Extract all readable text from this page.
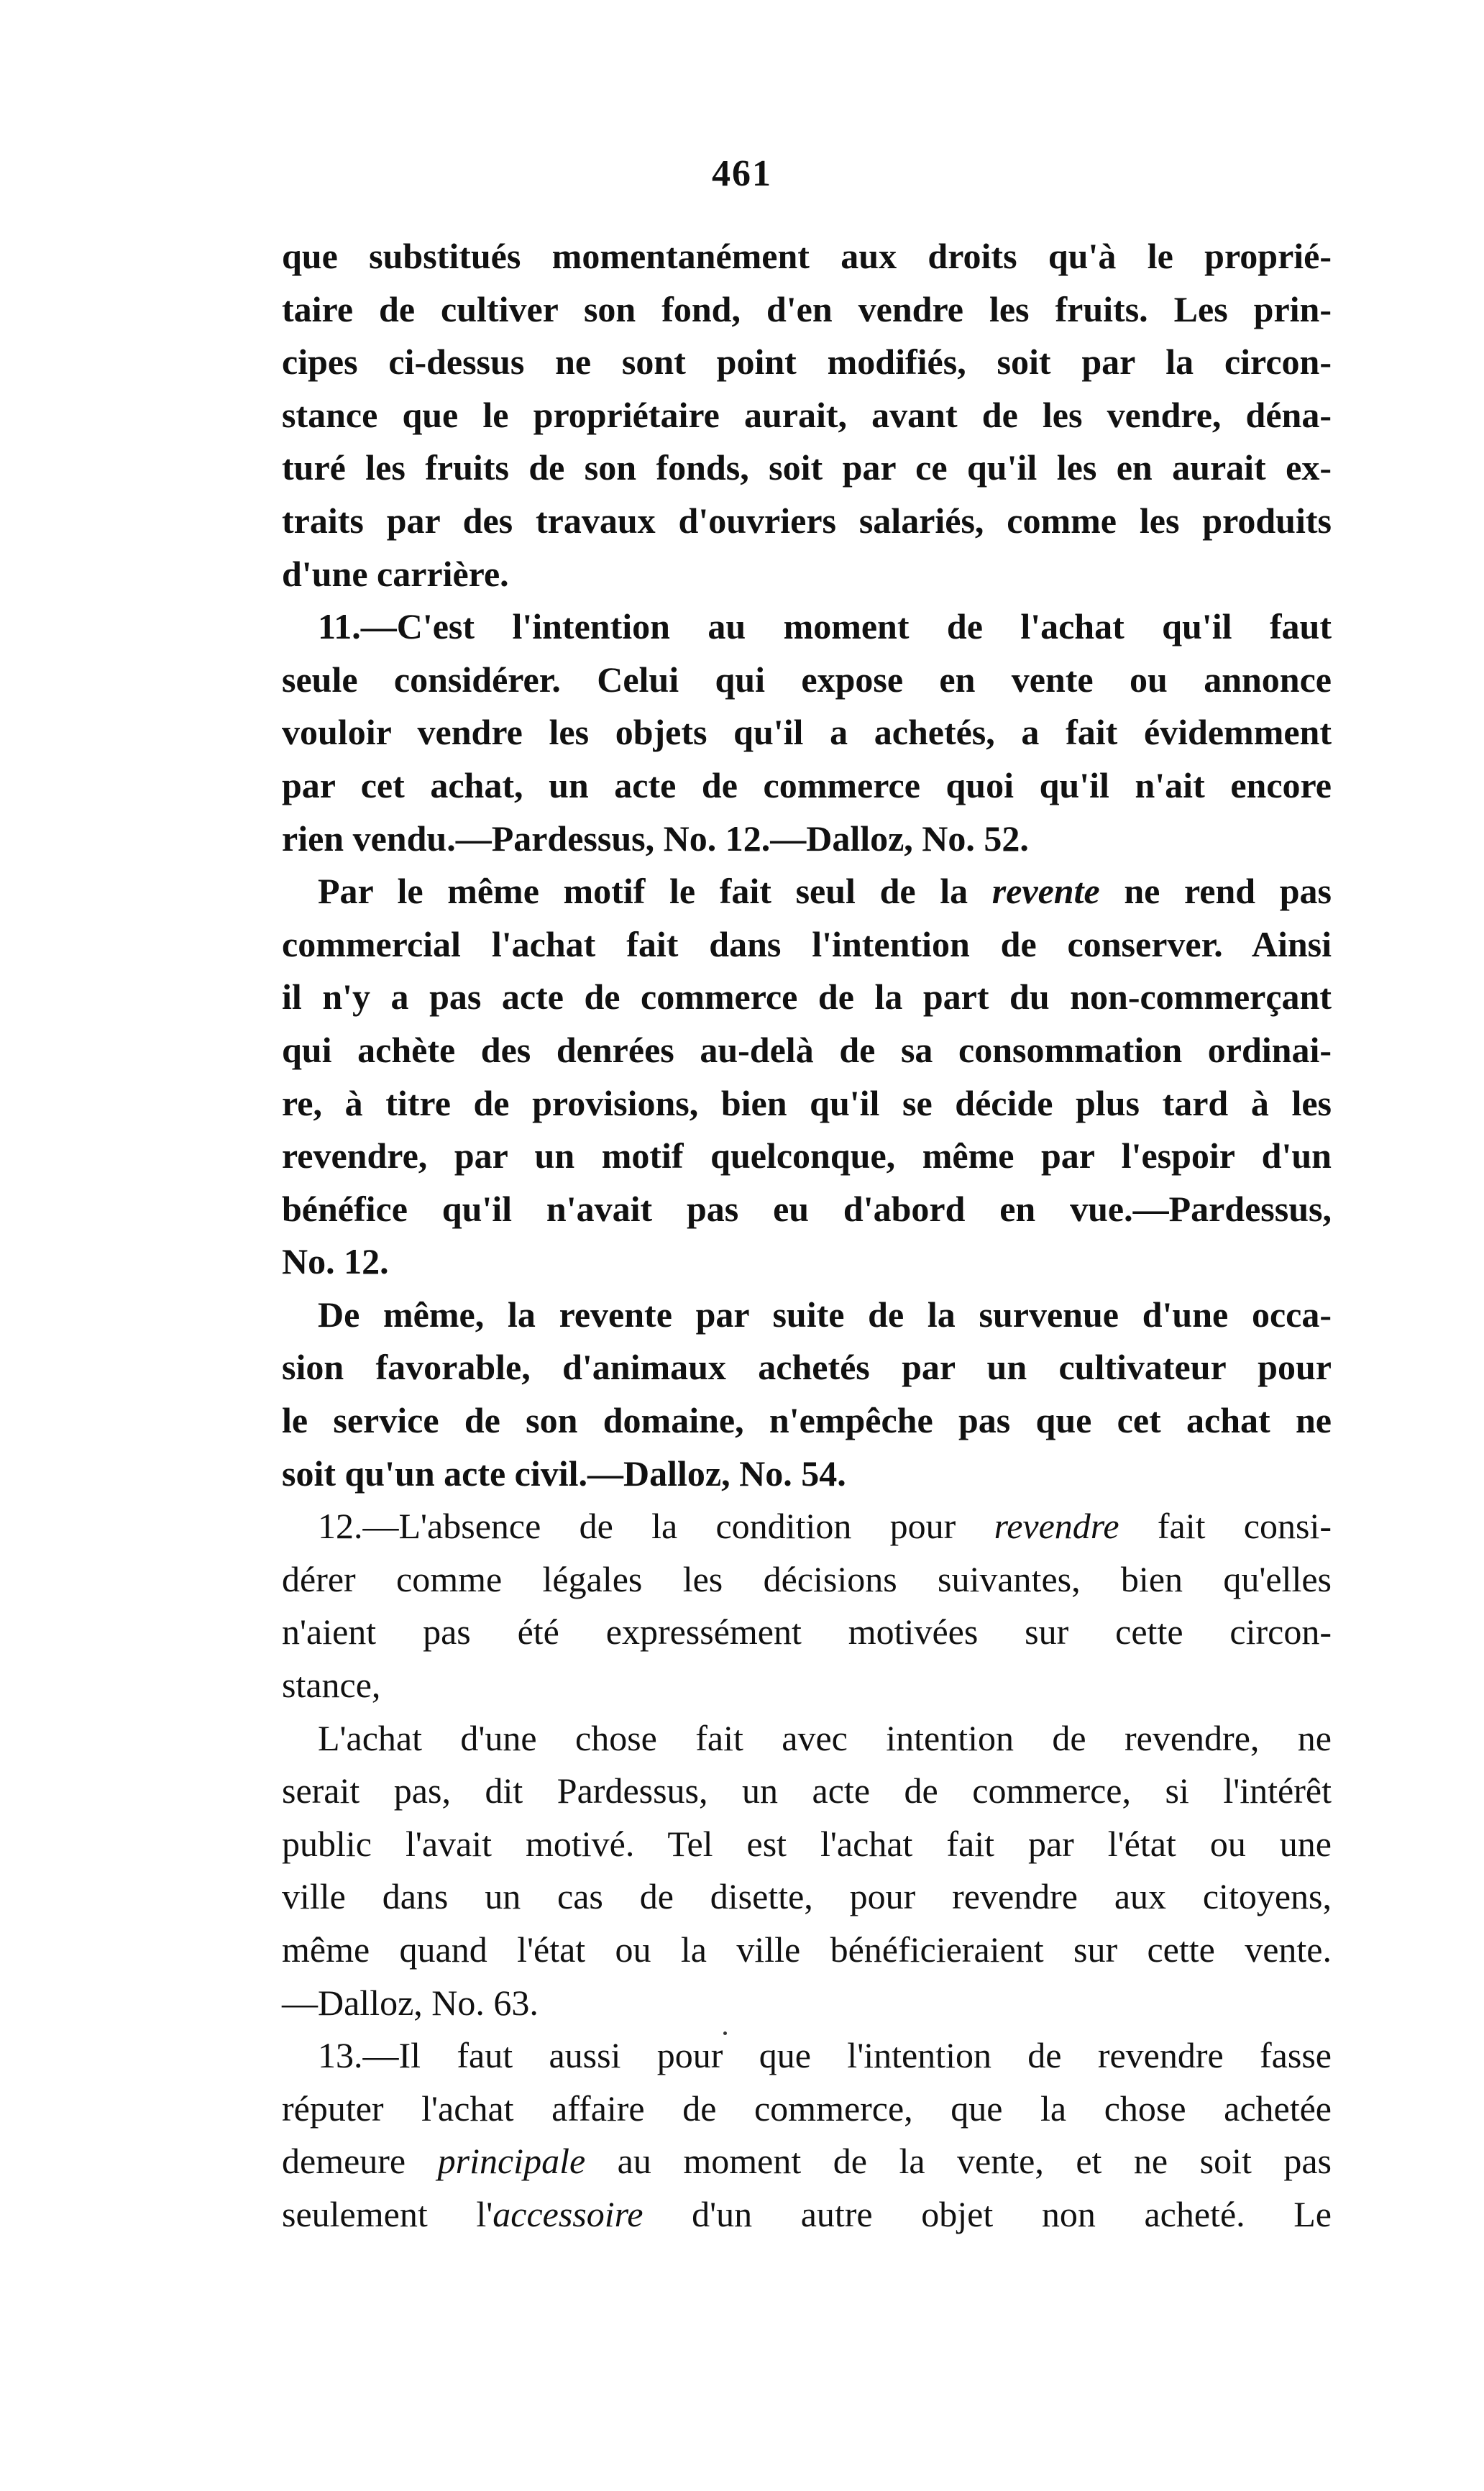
461
que substitués momentanément aux droits qu'à le proprié-
taire de cultiver son fond, d'en vendre les fruits. Les prin-
cipes ci-dessus ne sont point modifiés, soit par la circon-
stance que le propriétaire aurait, avant de les vendre, déna-
turé les fruits de son fonds, soit par ce qu'il les en aurait ex-
traits par des travaux d'ouvriers salariés, comme les produits
d'une carrière.
11.—C'est l'intention au moment de l'achat qu'il faut
seule considérer. Celui qui expose en vente ou annonce
vouloir vendre les objets qu'il a achetés, a fait évidemment
par cet achat, un acte de commerce quoi qu'il n'ait encore
rien vendu.—Pardessus, No. 12.—Dalloz, No. 52.
Par le même motif le fait seul de la revente ne rend pas
commercial l'achat fait dans l'intention de conserver. Ainsi
il n'y a pas acte de commerce de la part du non-commerçant
qui achète des denrées au-delà de sa consommation ordinai-
re, à titre de provisions, bien qu'il se décide plus tard à les
revendre, par un motif quelconque, même par l'espoir d'un
bénéfice qu'il n'avait pas eu d'abord en vue.—Pardessus,
No. 12.
De même, la revente par suite de la survenue d'une occa-
sion favorable, d'animaux achetés par un cultivateur pour
le service de son domaine, n'empêche pas que cet achat ne
soit qu'un acte civil.—Dalloz, No. 54.
12.—L'absence de la condition pour revendre fait consi-
dérer comme légales les décisions suivantes, bien qu'elles
n'aient pas été expressément motivées sur cette circon-
stance,
L'achat d'une chose fait avec intention de revendre, ne
serait pas, dit Pardessus, un acte de commerce, si l'intérêt
public l'avait motivé. Tel est l'achat fait par l'état ou une
ville dans un cas de disette, pour revendre aux citoyens,
même quand l'état ou la ville bénéficieraient sur cette vente.
—Dalloz, No. 63.
13.—Il faut aussi pour que l'intention de revendre fasse
réputer l'achat affaire de commerce, que la chose achetée
demeure principale au moment de la vente, et ne soit pas
seulement l'accessoire d'un autre objet non acheté. Le
